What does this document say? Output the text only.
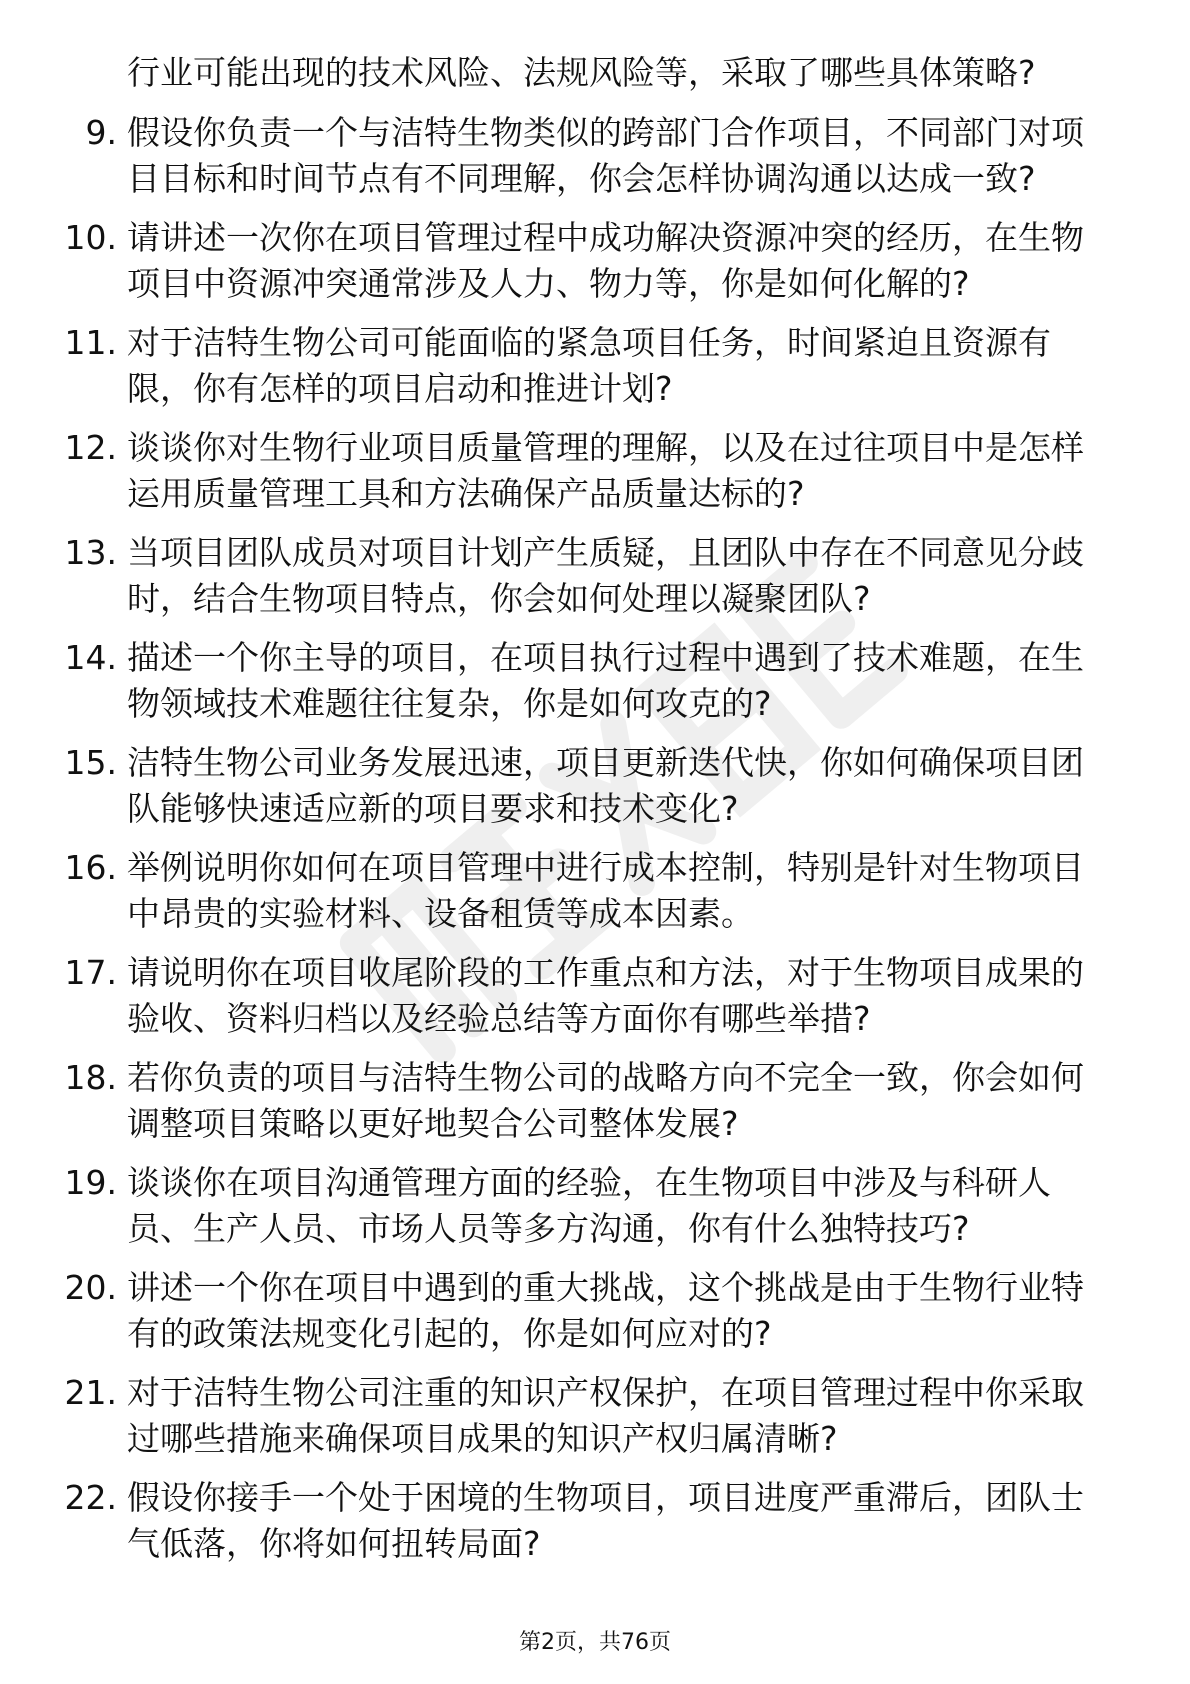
行业可能出现的技术风险、法规风险等，采取了哪些具体策略?
9. 假设你负责一个与洁特生物类似的跨部门合作项目，不同部门对项目目标和时间节点有不同理解，你会怎样协调沟通以达成一致?
10. 请讲述一次你在项目管理过程中成功解决资源冲突的经历，在生物项目中资源冲突通常涉及人力、物力等，你是如何化解的?
11. 对于洁特生物公司可能面临的紧急项目任务，时间紧迫且资源有限，你有怎样的项目启动和推进计划?
12. 谈谈你对生物行业项目质量管理的理解，以及在过往项目中是怎样运用质量管理工具和方法确保产品质量达标的?
13. 当项目团队成员对项目计划产生质疑，且团队中存在不同意见分歧时，结合生物项目特点，你会如何处理以凝聚团队?
14. 描述一个你主导的项目，在项目执行过程中遇到了技术难题，在生物领域技术难题往往复杂，你是如何攻克的?
15. 洁特生物公司业务发展迅速，项目更新迭代快，你如何确保项目团队能够快速适应新的项目要求和技术变化?
16. 举例说明你如何在项目管理中进行成本控制，特别是针对生物项目中昂贵的实验材料、设备租赁等成本因素。
17. 请说明你在项目收尾阶段的工作重点和方法，对于生物项目成果的验收、资料归档以及经验总结等方面你有哪些举措?
18. 若你负责的项目与洁特生物公司的战略方向不完全一致，你会如何调整项目策略以更好地契合公司整体发展?
19. 谈谈你在项目沟通管理方面的经验，在生物项目中涉及与科研人员、生产人员、市场人员等多方沟通，你有什么独特技巧?
20. 讲述一个你在项目中遇到的重大挑战，这个挑战是由于生物行业特有的政策法规变化引起的，你是如何应对的?
21. 对于洁特生物公司注重的知识产权保护，在项目管理过程中你采取过哪些措施来确保项目成果的知识产权归属清晰?
22. 假设你接手一个处于困境的生物项目，项目进度严重滞后，团队士气低落，你将如何扭转局面?
第2页，共76页
